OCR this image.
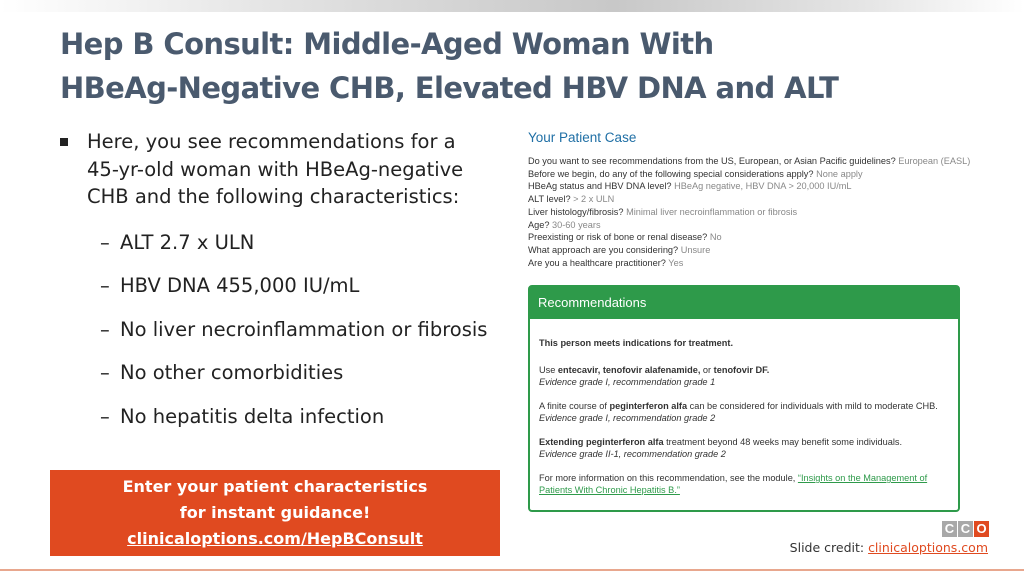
Hep B Consult: Middle-Aged Woman With
HBeAg-Negative CHB, Elevated HBV DNA and ALT
Here, you see recommendations for a 45-yr-old woman with HBeAg-negative CHB and the following characteristics:
– ALT 2.7 x ULN
– HBV DNA 455,000 IU/mL
– No liver necroinflammation or fibrosis
– No other comorbidities
– No hepatitis delta infection
Enter your patient characteristics
for instant guidance!
clinicaloptions.com/HepBConsult
Your Patient Case
Do you want to see recommendations from the US, European, or Asian Pacific guidelines? European (EASL)
Before we begin, do any of the following special considerations apply? None apply
HBeAg status and HBV DNA level? HBeAg negative, HBV DNA > 20,000 IU/mL
ALT level? > 2 x ULN
Liver histology/fibrosis? Minimal liver necroinflammation or fibrosis
Age? 30-60 years
Preexisting or risk of bone or renal disease? No
What approach are you considering? Unsure
Are you a healthcare practitioner? Yes
Recommendations
This person meets indications for treatment.
Use entecavir, tenofovir alafenamide, or tenofovir DF.
Evidence grade I, recommendation grade 1
A finite course of peginterferon alfa can be considered for individuals with mild to moderate CHB.
Evidence grade I, recommendation grade 2
Extending peginterferon alfa treatment beyond 48 weeks may benefit some individuals.
Evidence grade II-1, recommendation grade 2
For more information on this recommendation, see the module, “Insights on the Management of Patients With Chronic Hepatitis B.”
C C O
Slide credit: clinicaloptions.com
